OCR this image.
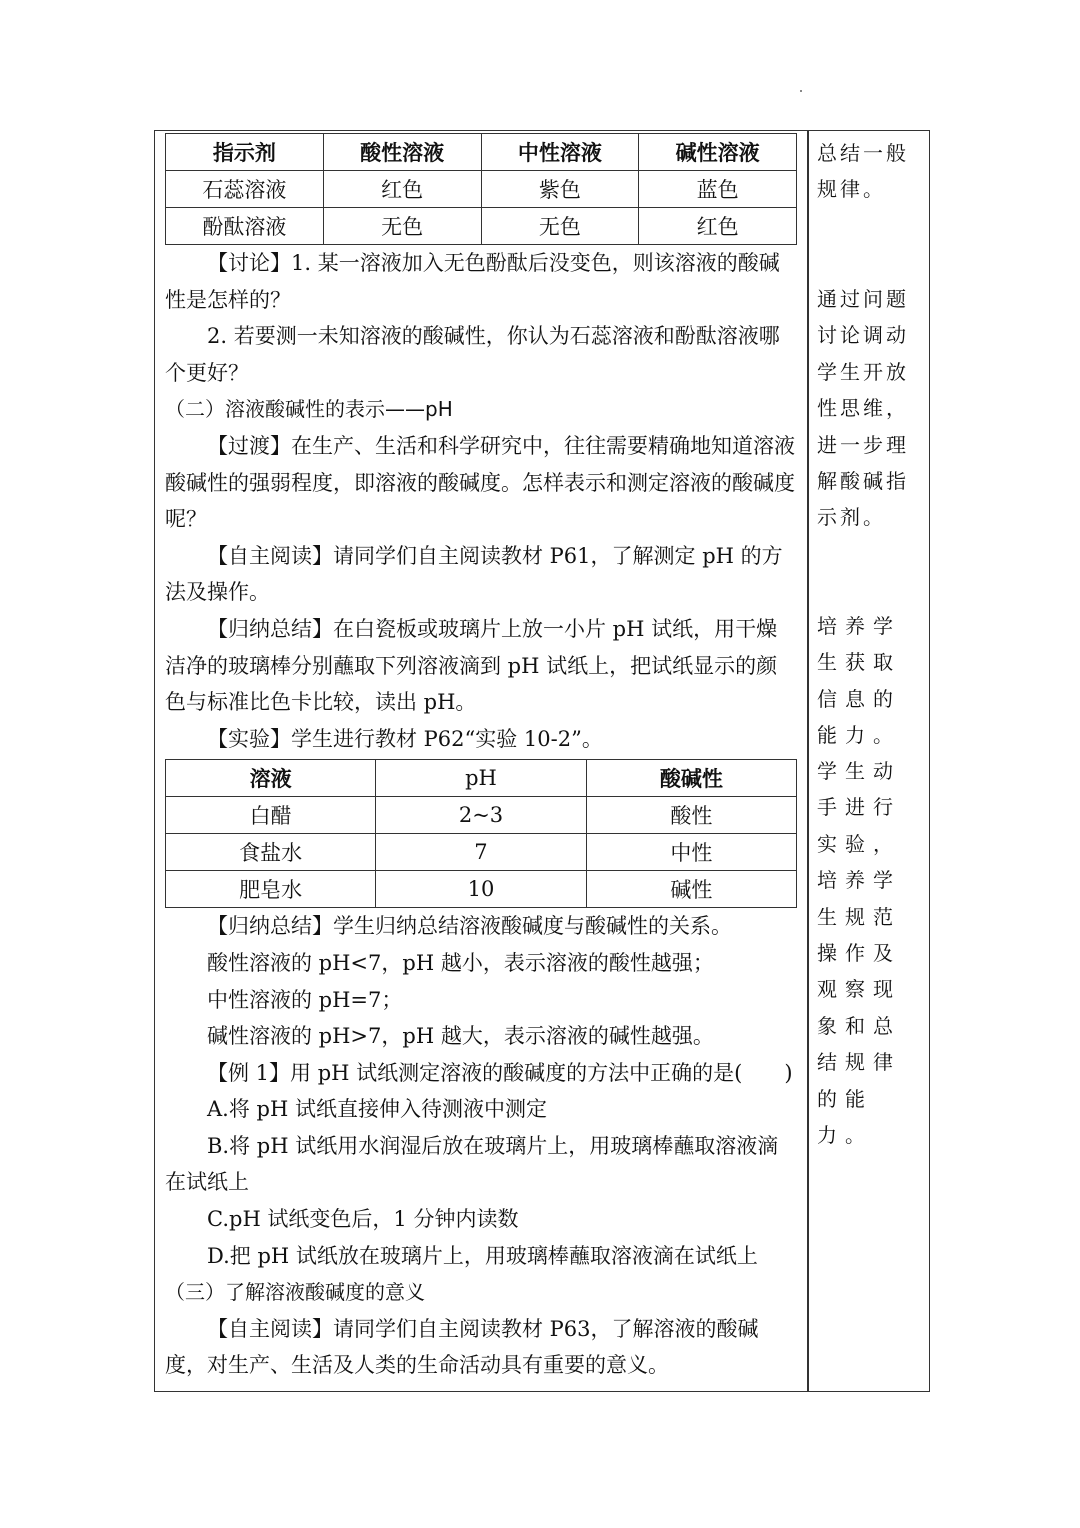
指示剂	酸性溶液	中性溶液	碱性溶液
石蕊溶液	红色	紫色	蓝色
酚酞溶液	无色	无色	红色

【讨论】1. 某一溶液加入无色酚酞后没变色，则该溶液的酸碱性是怎样的？

2. 若要测一未知溶液的酸碱性，你认为石蕊溶液和酚酞溶液哪个更好？

（二）溶液酸碱性的表示——pH

【过渡】在生产、生活和科学研究中，往往需要精确地知道溶液酸碱性的强弱程度，即溶液的酸碱度。怎样表示和测定溶液的酸碱度呢？

【自主阅读】请同学们自主阅读教材 P61，了解测定 pH 的方法及操作。

【归纳总结】在白瓷板或玻璃片上放一小片 pH 试纸，用干燥洁净的玻璃棒分别蘸取下列溶液滴到 pH 试纸上，把试纸显示的颜色与标准比色卡比较，读出 pH。

【实验】学生进行教材 P62“实验 10-2”。

溶液	pH	酸碱性
白醋	2~3	酸性
食盐水	7	中性
肥皂水	10	碱性

【归纳总结】学生归纳总结溶液酸碱度与酸碱性的关系。

酸性溶液的 pH<7，pH 越小，表示溶液的酸性越强；

中性溶液的 pH=7；

碱性溶液的 pH>7，pH 越大，表示溶液的碱性越强。

【例 1】用 pH 试纸测定溶液的酸碱度的方法中正确的是(　　)

A.将 pH 试纸直接伸入待测液中测定

B.将 pH 试纸用水润湿后放在玻璃片上，用玻璃棒蘸取溶液滴在试纸上

C.pH 试纸变色后，1 分钟内读数

D.把 pH 试纸放在玻璃片上，用玻璃棒蘸取溶液滴在试纸上

（三）了解溶液酸碱度的意义

【自主阅读】请同学们自主阅读教材 P63，了解溶液的酸碱度，对生产、生活及人类的生命活动具有重要的意义。

总结一般规律。

通过问题讨论调动学生开放性思维，进一步理解酸碱指示剂。

培养学生获取信息的能力。

学生动手进行实验，培养学生规范操作及观察现象和总结规律的能力。
